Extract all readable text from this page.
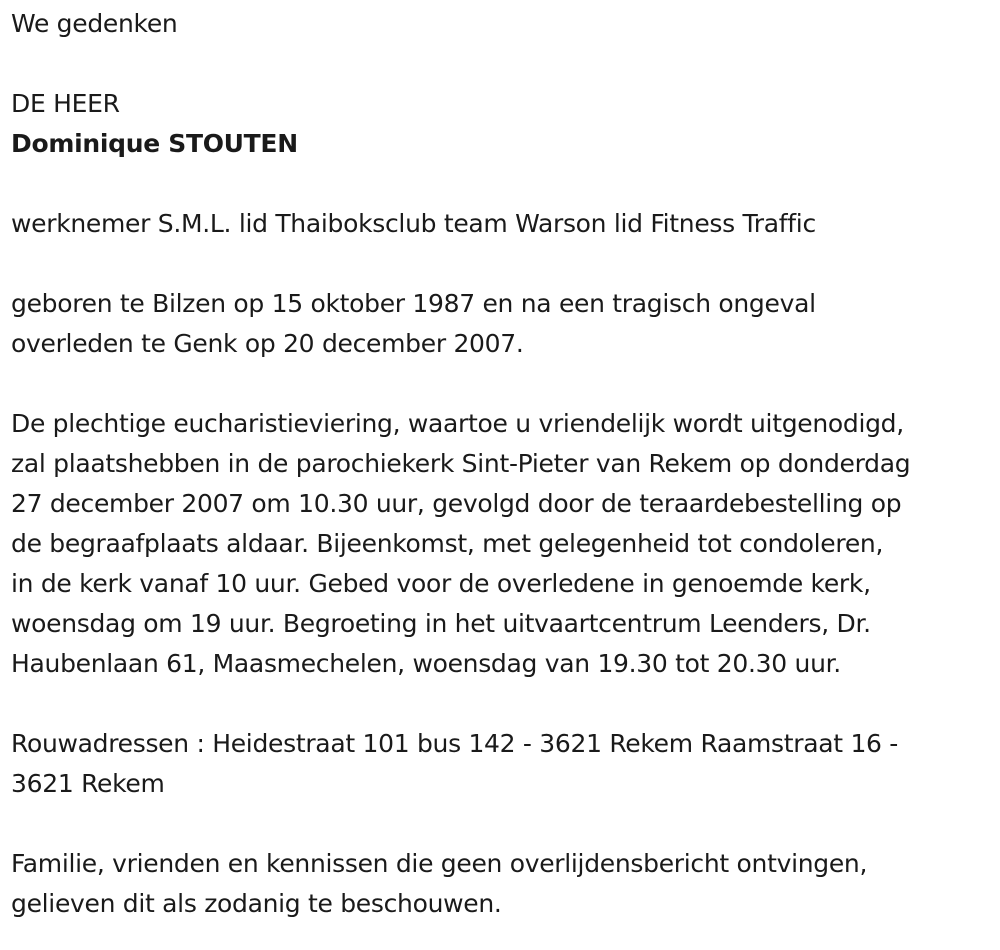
We gedenken

DE HEER

Dominique STOUTEN

werknemer S.M.L. lid Thaiboksclub team Warson lid Fitness Traffic

geboren te Bilzen op 15 oktober 1987 en na een tragisch ongeval

overleden te Genk op 20 december 2007.

De plechtige eucharistieviering, waartoe u vriendelijk wordt uitgenodigd,

zal plaatshebben in de parochiekerk Sint-Pieter van Rekem op donderdag

27 december 2007 om 10.30 uur, gevolgd door de teraardebestelling op

de begraafplaats aldaar. Bijeenkomst, met gelegenheid tot condoleren,

in de kerk vanaf 10 uur. Gebed voor de overledene in genoemde kerk,

woensdag om 19 uur. Begroeting in het uitvaartcentrum Leenders, Dr.

Haubenlaan 61, Maasmechelen, woensdag van 19.30 tot 20.30 uur.

Rouwadressen : Heidestraat 101 bus 142 - 3621 Rekem Raamstraat 16 -

3621 Rekem

Familie, vrienden en kennissen die geen overlijdensbericht ontvingen,

gelieven dit als zodanig te beschouwen.
